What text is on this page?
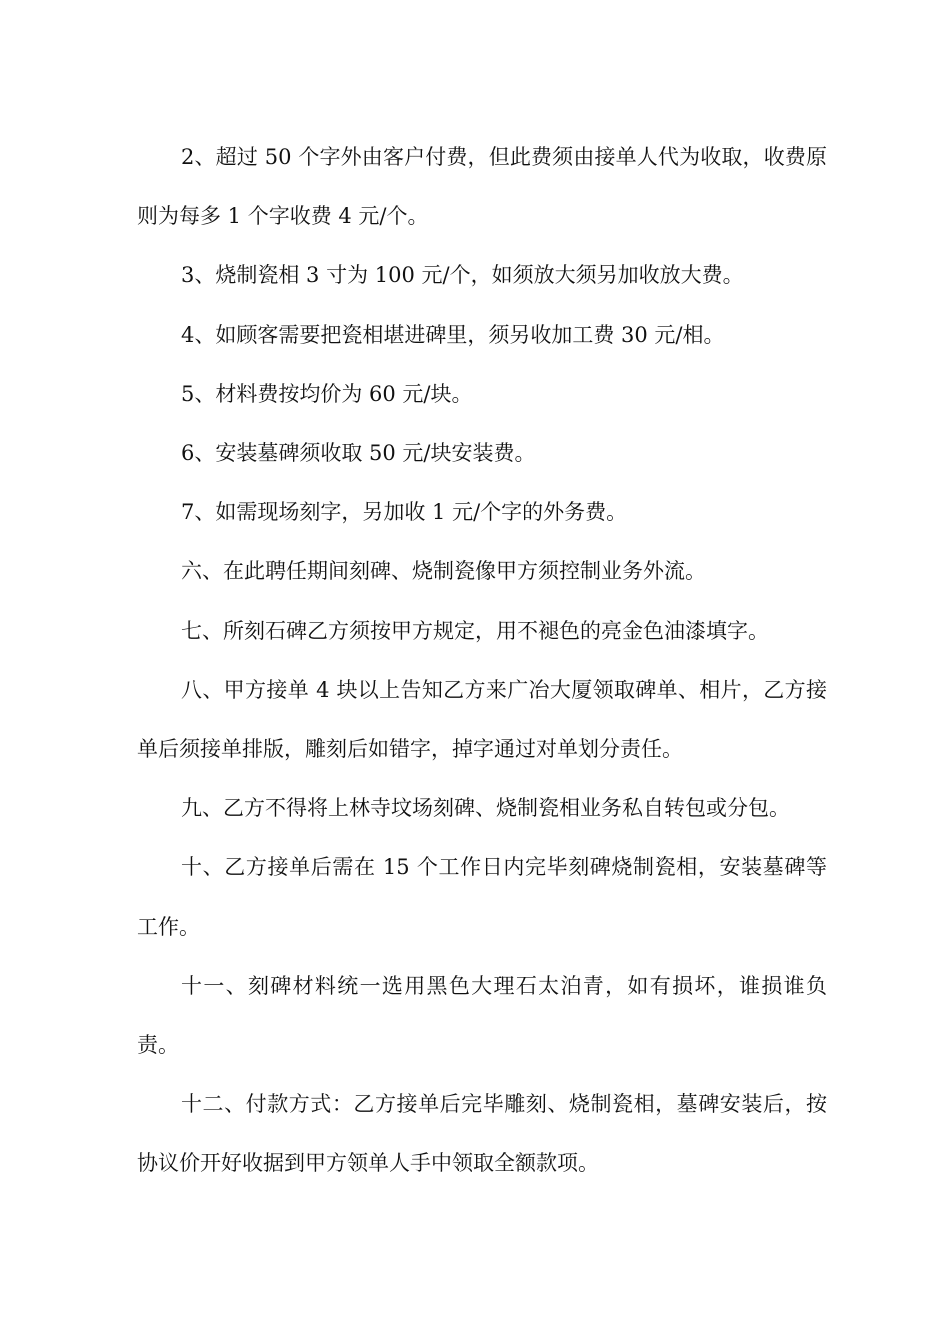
2、超过 50 个字外由客户付费，但此费须由接单人代为收取，收费原则为每多 1 个字收费 4 元/个。

3、烧制瓷相 3 寸为 100 元/个，如须放大须另加收放大费。

4、如顾客需要把瓷相堪进碑里，须另收加工费 30 元/相。

5、材料费按均价为 60 元/块。

6、安装墓碑须收取 50 元/块安装费。

7、如需现场刻字，另加收 1 元/个字的外务费。

六、在此聘任期间刻碑、烧制瓷像甲方须控制业务外流。

七、所刻石碑乙方须按甲方规定，用不褪色的亮金色油漆填字。

八、甲方接单 4 块以上告知乙方来广冶大厦领取碑单、相片，乙方接单后须接单排版，雕刻后如错字，掉字通过对单划分责任。

九、乙方不得将上林寺坟场刻碑、烧制瓷相业务私自转包或分包。

十、乙方接单后需在 15 个工作日内完毕刻碑烧制瓷相，安装墓碑等工作。

十一、刻碑材料统一选用黑色大理石太泊青，如有损坏，谁损谁负责。

十二、付款方式：乙方接单后完毕雕刻、烧制瓷相，墓碑安装后，按协议价开好收据到甲方领单人手中领取全额款项。
